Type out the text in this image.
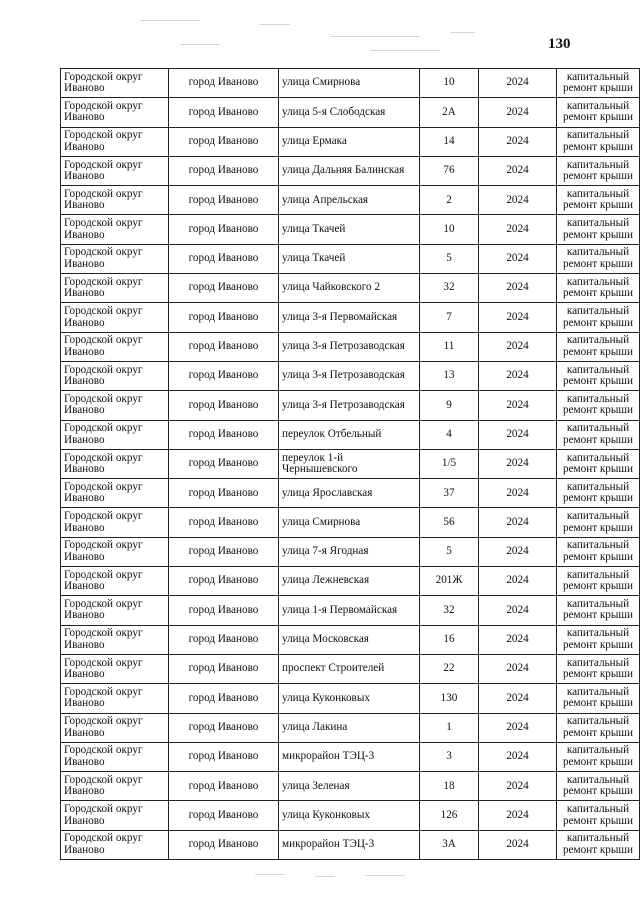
130
Городской округ Иваново	город Иваново	улица Смирнова	10	2024	капитальный ремонт крыши
Городской округ Иваново	город Иваново	улица 5-я Слободская	2А	2024	капитальный ремонт крыши
Городской округ Иваново	город Иваново	улица Ермака	14	2024	капитальный ремонт крыши
Городской округ Иваново	город Иваново	улица Дальняя Балинская	76	2024	капитальный ремонт крыши
Городской округ Иваново	город Иваново	улица Апрельская	2	2024	капитальный ремонт крыши
Городской округ Иваново	город Иваново	улица Ткачей	10	2024	капитальный ремонт крыши
Городской округ Иваново	город Иваново	улица Ткачей	5	2024	капитальный ремонт крыши
Городской округ Иваново	город Иваново	улица Чайковского 2	32	2024	капитальный ремонт крыши
Городской округ Иваново	город Иваново	улица 3-я Первомайская	7	2024	капитальный ремонт крыши
Городской округ Иваново	город Иваново	улица 3-я Петрозаводская	11	2024	капитальный ремонт крыши
Городской округ Иваново	город Иваново	улица 3-я Петрозаводская	13	2024	капитальный ремонт крыши
Городской округ Иваново	город Иваново	улица 3-я Петрозаводская	9	2024	капитальный ремонт крыши
Городской округ Иваново	город Иваново	переулок Отбельный	4	2024	капитальный ремонт крыши
Городской округ Иваново	город Иваново	переулок 1-й Чернышевского	1/5	2024	капитальный ремонт крыши
Городской округ Иваново	город Иваново	улица Ярославская	37	2024	капитальный ремонт крыши
Городской округ Иваново	город Иваново	улица Смирнова	56	2024	капитальный ремонт крыши
Городской округ Иваново	город Иваново	улица 7-я Ягодная	5	2024	капитальный ремонт крыши
Городской округ Иваново	город Иваново	улица Лежневская	201Ж	2024	капитальный ремонт крыши
Городской округ Иваново	город Иваново	улица 1-я Первомайская	32	2024	капитальный ремонт крыши
Городской округ Иваново	город Иваново	улица Московская	16	2024	капитальный ремонт крыши
Городской округ Иваново	город Иваново	проспект Строителей	22	2024	капитальный ремонт крыши
Городской округ Иваново	город Иваново	улица Куконковых	130	2024	капитальный ремонт крыши
Городской округ Иваново	город Иваново	улица Лакина	1	2024	капитальный ремонт крыши
Городской округ Иваново	город Иваново	микрорайон ТЭЦ-3	3	2024	капитальный ремонт крыши
Городской округ Иваново	город Иваново	улица Зеленая	18	2024	капитальный ремонт крыши
Городской округ Иваново	город Иваново	улица Куконковых	126	2024	капитальный ремонт крыши
Городской округ Иваново	город Иваново	микрорайон ТЭЦ-3	3А	2024	капитальный ремонт крыши
